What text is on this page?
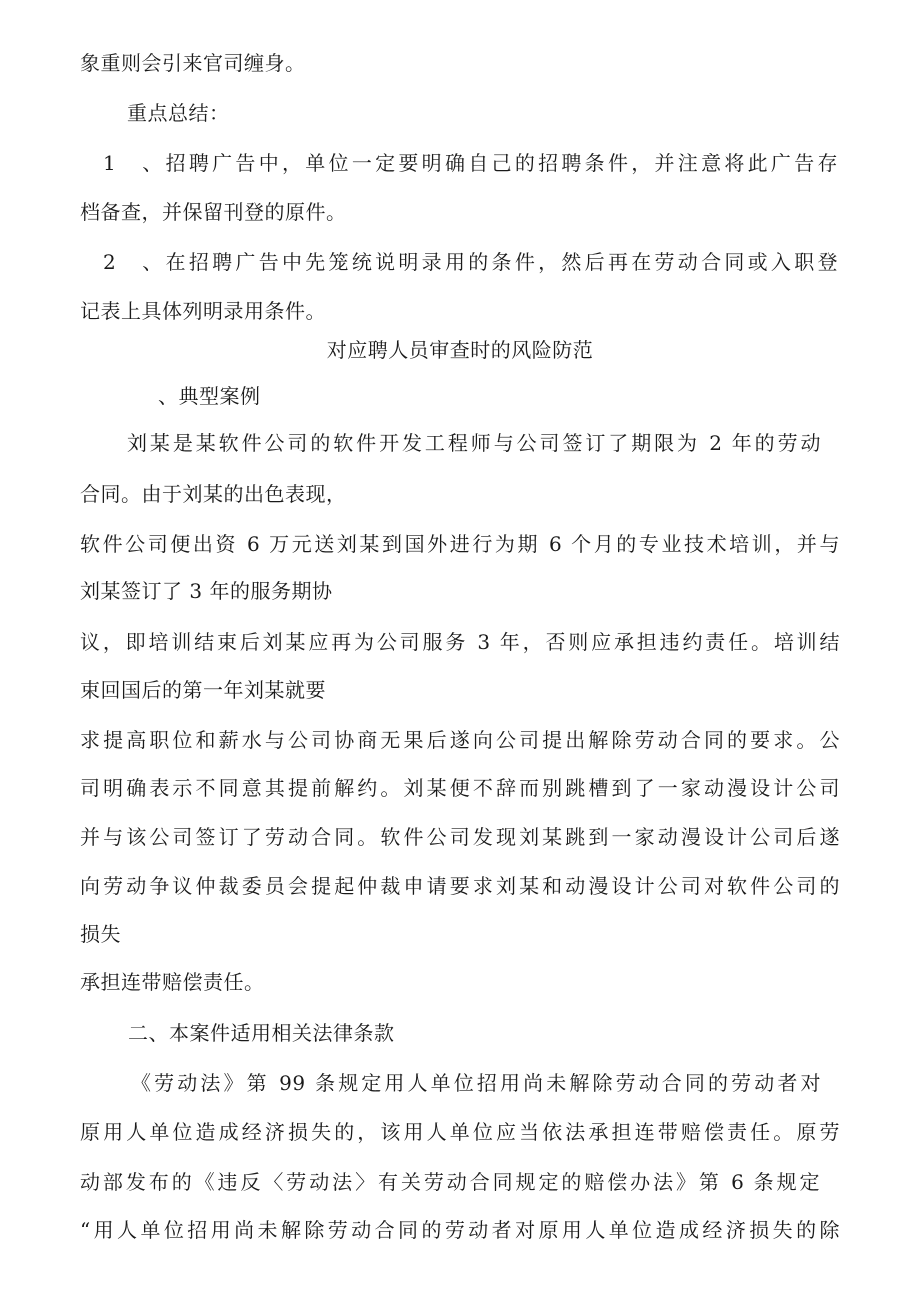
象重则会引来官司缠身。
重点总结：
1　、招聘广告中，单位一定要明确自己的招聘条件，并注意将此广告存
档备查，并保留刊登的原件。
2　、在招聘广告中先笼统说明录用的条件，然后再在劳动合同或入职登
记表上具体列明录用条件。
对应聘人员审查时的风险防范
、典型案例
刘某是某软件公司的软件开发工程师与公司签订了期限为 2 年的劳动
合同。由于刘某的出色表现，
软件公司便出资 6 万元送刘某到国外进行为期 6 个月的专业技术培训，并与
刘某签订了 3 年的服务期协
议，即培训结束后刘某应再为公司服务 3 年，否则应承担违约责任。培训结
束回国后的第一年刘某就要
求提高职位和薪水与公司协商无果后遂向公司提出解除劳动合同的要求。公
司明确表示不同意其提前解约。刘某便不辞而别跳槽到了一家动漫设计公司
并与该公司签订了劳动合同。软件公司发现刘某跳到一家动漫设计公司后遂
向劳动争议仲裁委员会提起仲裁申请要求刘某和动漫设计公司对软件公司的
损失
承担连带赔偿责任。
二、本案件适用相关法律条款
《劳动法》第 99 条规定用人单位招用尚未解除劳动合同的劳动者对
原用人单位造成经济损失的，该用人单位应当依法承担连带赔偿责任。原劳
动部发布的《违反〈劳动法〉有关劳动合同规定的赔偿办法》第 6 条规定
“用人单位招用尚未解除劳动合同的劳动者对原用人单位造成经济损失的除
